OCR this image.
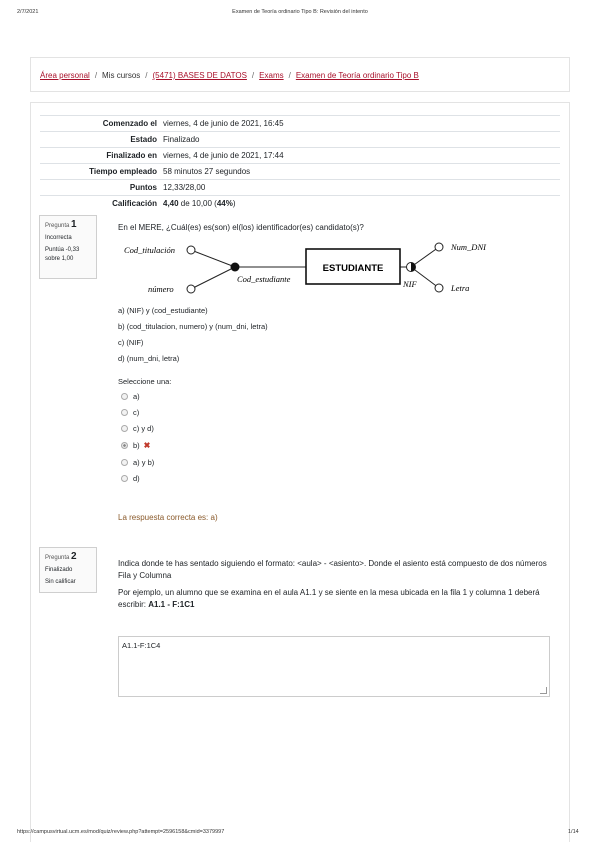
2/7/2021	Examen de Teoría ordinario Tipo B: Revisión del intento
Área personal / Mis cursos / (5471) BASES DE DATOS / Exams / Examen de Teoría ordinario Tipo B
Comenzado el	viernes, 4 de junio de 2021, 16:45
Estado	Finalizado
Finalizado en	viernes, 4 de junio de 2021, 17:44
Tiempo empleado	58 minutos 27 segundos
Puntos	12,33/28,00
Calificación	4,40 de 10,00 (44%)
Pregunta 1
Incorrecta
Puntúa -0,33 sobre 1,00
En el MERE, ¿Cuál(es) es(son) el(los) identificador(es) candidato(s)?
ESTUDIANTE
Cod_titulación
número
Cod_estudiante
Num_DNI
NIF	Letra
a) (NIF) y (cod_estudiante)
b) (cod_titulacion, numero) y (num_dni, letra)
c) (NIF)
d) (num_dni, letra)
Seleccione una:
a)
c)
c) y d)
b) ✖
a) y b)
d)
La respuesta correcta es: a)
Pregunta 2
Finalizado
Sin calificar
Indica donde te has sentado siguiendo el formato: <aula> - <asiento>. Donde el asiento está compuesto de dos números Fila y Columna
Por ejemplo, un alumno que se examina en el aula A1.1 y se siente en la mesa ubicada en la fila 1 y columna 1 deberá escribir: A1.1 - F:1C1
A1.1-F:1C4
https://campusvirtual.ucm.es/mod/quiz/review.php?attempt=2596158&cmid=3379997	1/14
